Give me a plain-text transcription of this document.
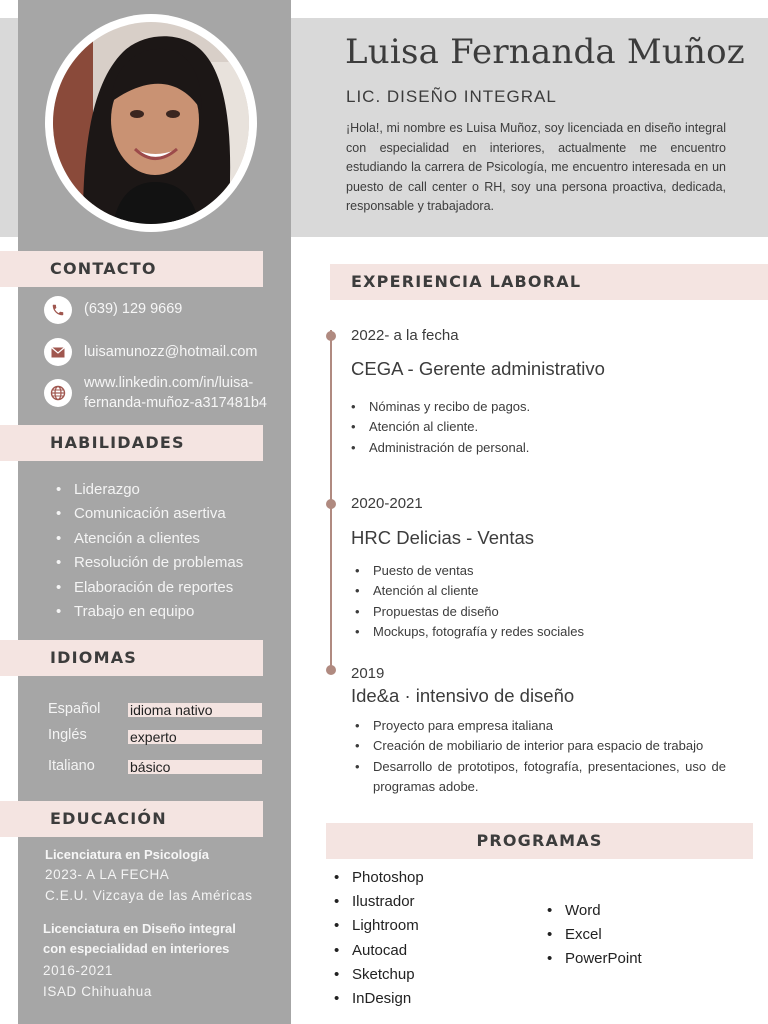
Luisa Fernanda Muñoz
LIC. DISEÑO INTEGRAL

¡Hola!, mi nombre es Luisa Muñoz, soy licenciada en diseño integral con especialidad en interiores, actualmente me encuentro estudiando la carrera de Psicología, me encuentro interesada en un puesto de call center o RH, soy una persona proactiva, dedicada, responsable y trabajadora.

CONTACTO
(639) 129 9669
luisamunozz@hotmail.com
www.linkedin.com/in/luisa-
fernanda-muñoz-a317481b4
HABILIDADES
• Liderazgo
• Comunicación asertiva
• Atención a clientes
• Resolución de problemas
• Elaboración de reportes
• Trabajo en equipo
IDIOMAS
Español idioma nativo
Inglés	experto
Italiano	básico
EDUCACIÓN
Licenciatura en Psicología
2023- A LA FECHA
C.E.U. Vizcaya de las Américas
Licenciatura en Diseño integral
con especialidad en interiores
2016-2021
ISAD Chihuahua
EXPERIENCIA LABORAL
2022- a la fecha
CEGA - Gerente administrativo
• Nóminas y recibo de pagos.
• Atención al cliente.
• Administración de personal.
2020-2021
HRC Delicias - Ventas
• Puesto de ventas
• Atención al cliente
• Propuestas de diseño
• Mockups, fotografía y redes sociales
2019
Ide&a · intensivo de diseño
• Proyecto para empresa italiana
• Creación de mobiliario de interior para espacio de trabajo
• Desarrollo de prototipos, fotografía, presentaciones, uso de programas adobe.
PROGRAMAS
• Photoshop
• Ilustrador
• Lightroom
• Autocad
• Sketchup
• InDesign
• Word
• Excel
• PowerPoint
